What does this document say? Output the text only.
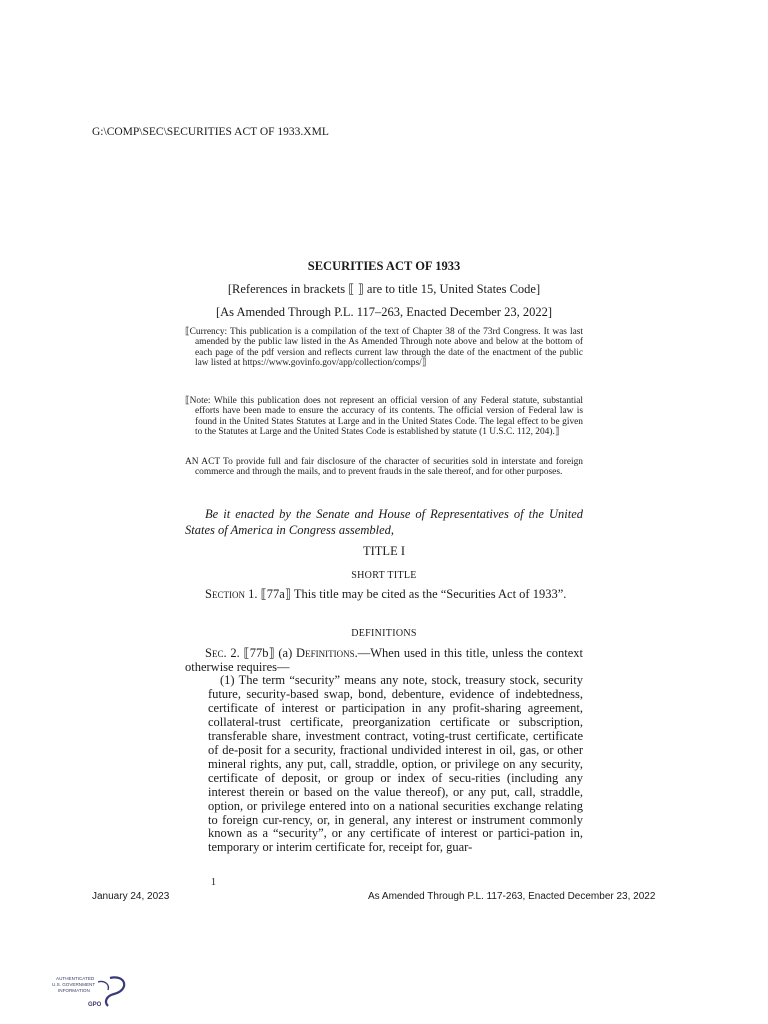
G:\COMP\SEC\SECURITIES ACT OF 1933.XML
SECURITIES ACT OF 1933
[References in brackets ⟦ ⟧ are to title 15, United States Code]
[As Amended Through P.L. 117–263, Enacted December 23, 2022]
⟦Currency: This publication is a compilation of the text of Chapter 38 of the 73rd Congress. It was last amended by the public law listed in the As Amended Through note above and below at the bottom of each page of the pdf version and reflects current law through the date of the enactment of the public law listed at https://www.govinfo.gov/app/collection/comps/⟧
⟦Note: While this publication does not represent an official version of any Federal statute, substantial efforts have been made to ensure the accuracy of its contents. The official version of Federal law is found in the United States Statutes at Large and in the United States Code. The legal effect to be given to the Statutes at Large and the United States Code is established by statute (1 U.S.C. 112, 204).⟧
AN ACT To provide full and fair disclosure of the character of securities sold in interstate and foreign commerce and through the mails, and to prevent frauds in the sale thereof, and for other purposes.
Be it enacted by the Senate and House of Representatives of the United States of America in Congress assembled,
TITLE I
SHORT TITLE
Section 1. ⟦77a⟧ This title may be cited as the “Securities Act of 1933”.
DEFINITIONS
Sec. 2. ⟦77b⟧ (a) Definitions.—When used in this title, unless the context otherwise requires—
(1) The term “security” means any note, stock, treasury stock, security future, security-based swap, bond, debenture, evidence of indebtedness, certificate of interest or participation in any profit-sharing agreement, collateral-trust certificate, preorganization certificate or subscription, transferable share, investment contract, voting-trust certificate, certificate of de-posit for a security, fractional undivided interest in oil, gas, or other mineral rights, any put, call, straddle, option, or privilege on any security, certificate of deposit, or group or index of secu-rities (including any interest therein or based on the value thereof), or any put, call, straddle, option, or privilege entered into on a national securities exchange relating to foreign cur-rency, or, in general, any interest or instrument commonly known as a “security”, or any certificate of interest or partici-pation in, temporary or interim certificate for, receipt for, guar-
1
January 24, 2023	As Amended Through P.L. 117-263, Enacted December 23, 2022
AUTHENTICATED
U.S. GOVERNMENT
INFORMATION
GPO
